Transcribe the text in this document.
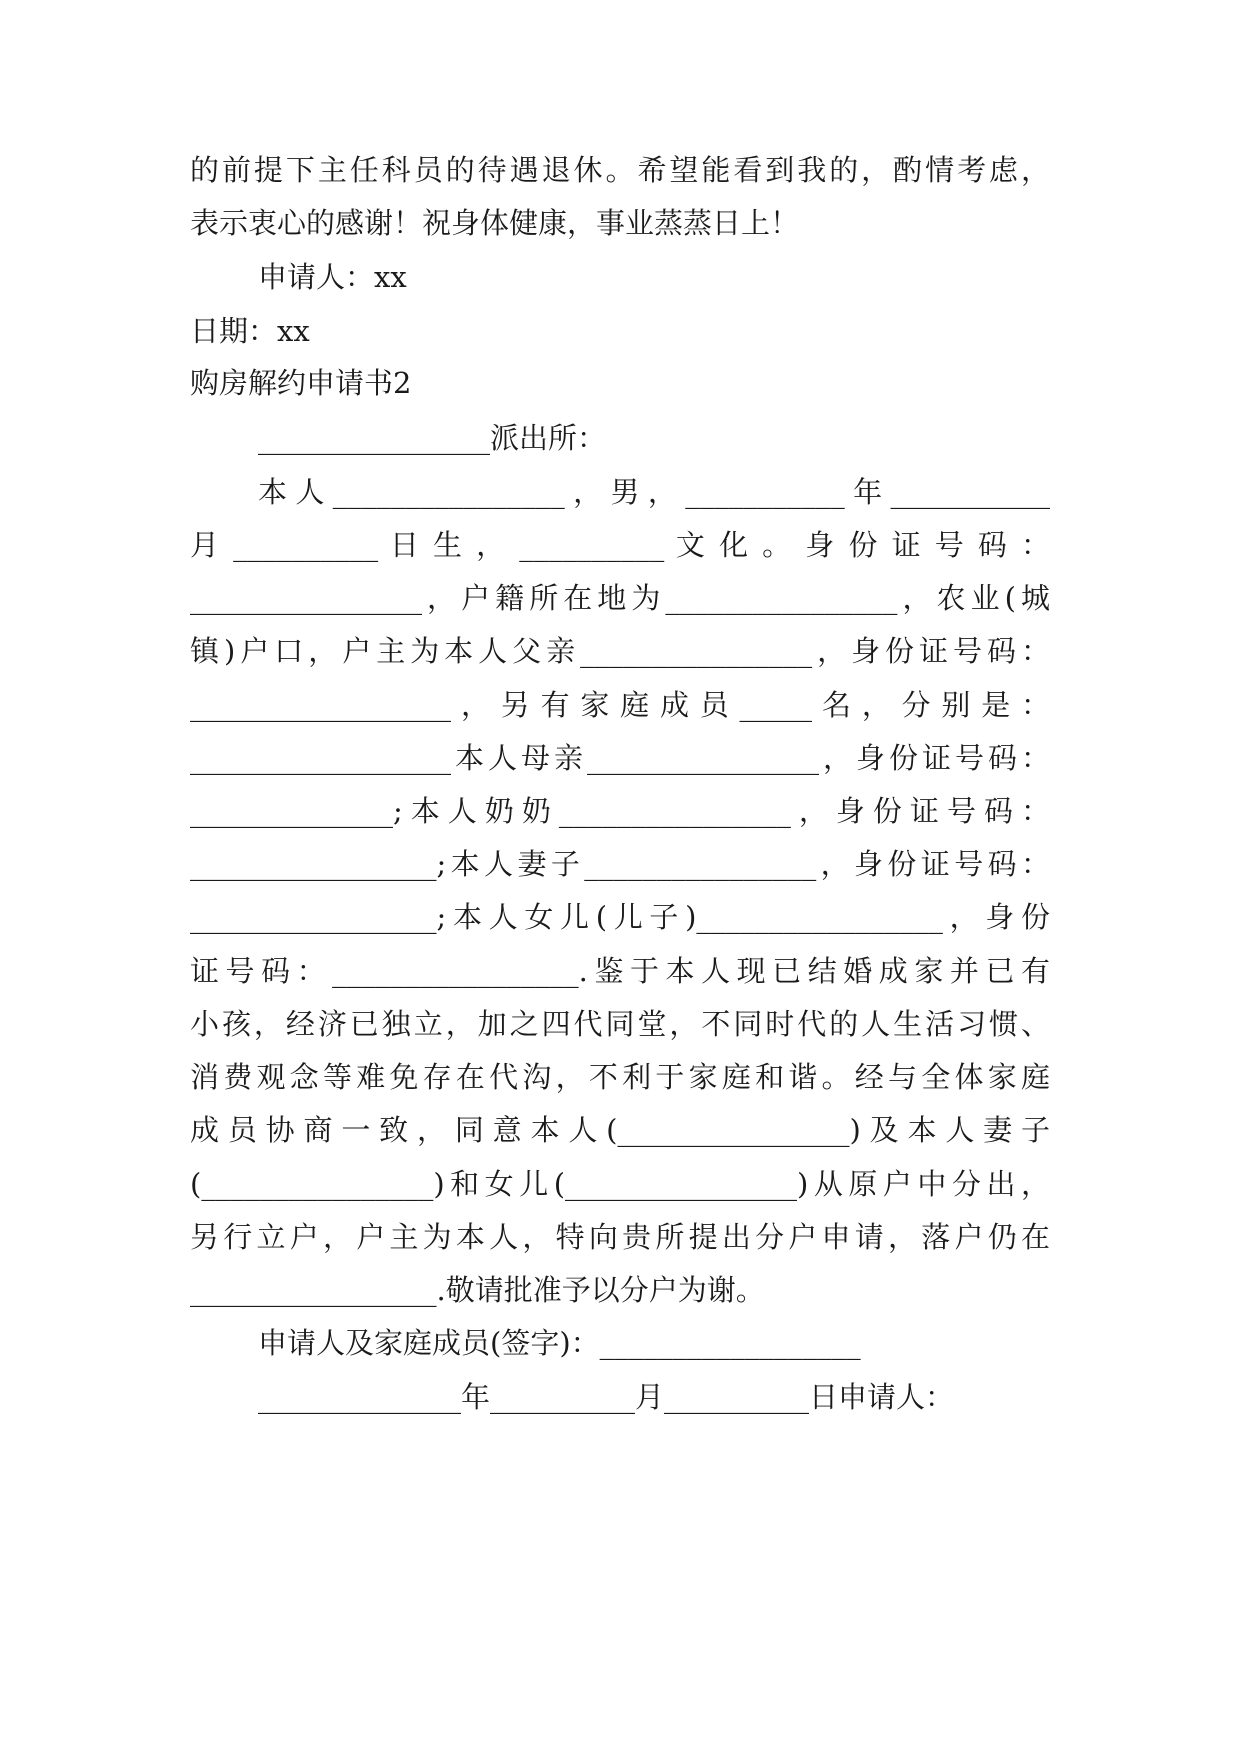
的前提下主任科员的待遇退休。希望能看到我的，酌情考虑，
表示衷心的感谢！祝身体健康，事业蒸蒸日上！
申请人：xx
日期：xx
购房解约申请书2
________________派出所：
本人________________，男，___________年___________
月 __________ 日 生 ， __________ 文 化 。 身 份 证 号 码 ：
________________，户籍所在地为________________，农业(城
镇)户口，户主为本人父亲________________，身份证号码：
__________________ ， 另 有 家 庭 成 员 _____ 名 ， 分 别 是 ：
__________________本人母亲________________，身份证号码：
______________;本人奶奶________________，身份证号码：
_________________;本人妻子________________，身份证号码：
_________________;本人女儿(儿子)_________________，身份
证号码：_________________.鉴于本人现已结婚成家并已有
小孩，经济已独立，加之四代同堂，不同时代的人生活习惯、
消费观念等难免存在代沟，不利于家庭和谐。经与全体家庭
成员协商一致，同意本人(________________)及本人妻子
(________________)和女儿(________________)从原户中分出，
另行立户，户主为本人，特向贵所提出分户申请，落户仍在
_________________.敬请批准予以分户为谢。
申请人及家庭成员(签字)：__________________
______________年__________月__________日申请人：
